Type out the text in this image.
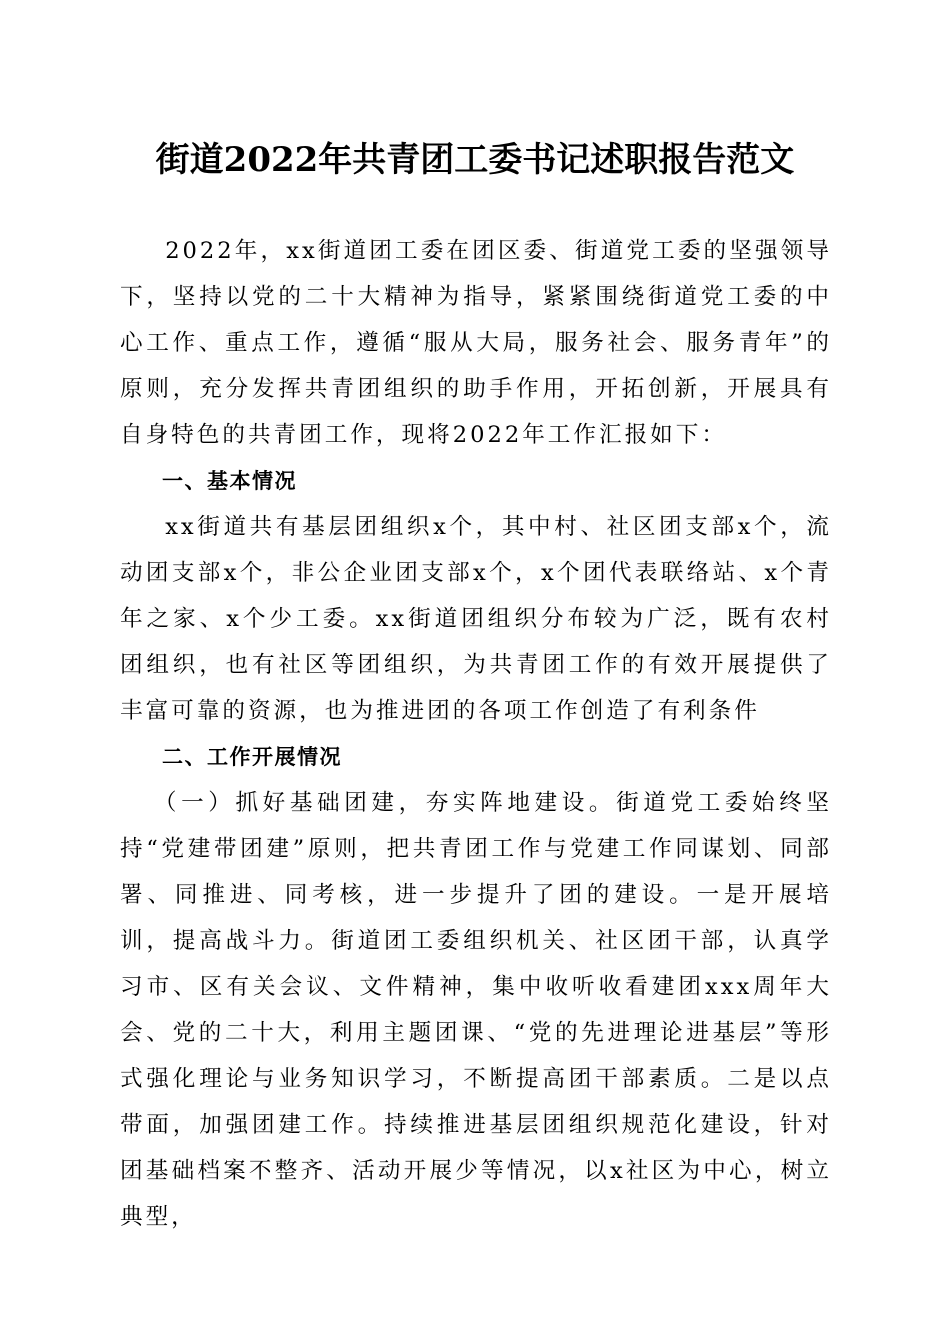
街道2022年共青团工委书记述职报告范文

2022年，xx街道团工委在团区委、街道党工委的坚强领导下，坚持以党的二十大精神为指导，紧紧围绕街道党工委的中心工作、重点工作，遵循“服从大局，服务社会、服务青年”的原则，充分发挥共青团组织的助手作用，开拓创新，开展具有自身特色的共青团工作，现将2022年工作汇报如下：

一、基本情况

xx街道共有基层团组织x个，其中村、社区团支部x个，流动团支部x个，非公企业团支部x个，x个团代表联络站、x个青年之家、x个少工委。xx街道团组织分布较为广泛，既有农村团组织，也有社区等团组织，为共青团工作的有效开展提供了丰富可靠的资源，也为推进团的各项工作创造了有利条件

二、工作开展情况

（一）抓好基础团建，夯实阵地建设。街道党工委始终坚持“党建带团建”原则，把共青团工作与党建工作同谋划、同部署、同推进、同考核，进一步提升了团的建设。一是开展培训，提高战斗力。街道团工委组织机关、社区团干部，认真学习市、区有关会议、文件精神，集中收听收看建团xxx周年大会、党的二十大，利用主题团课、“党的先进理论进基层”等形式强化理论与业务知识学习，不断提高团干部素质。二是以点带面，加强团建工作。持续推进基层团组织规范化建设，针对团基础档案不整齐、活动开展少等情况，以x社区为中心，树立典型，
